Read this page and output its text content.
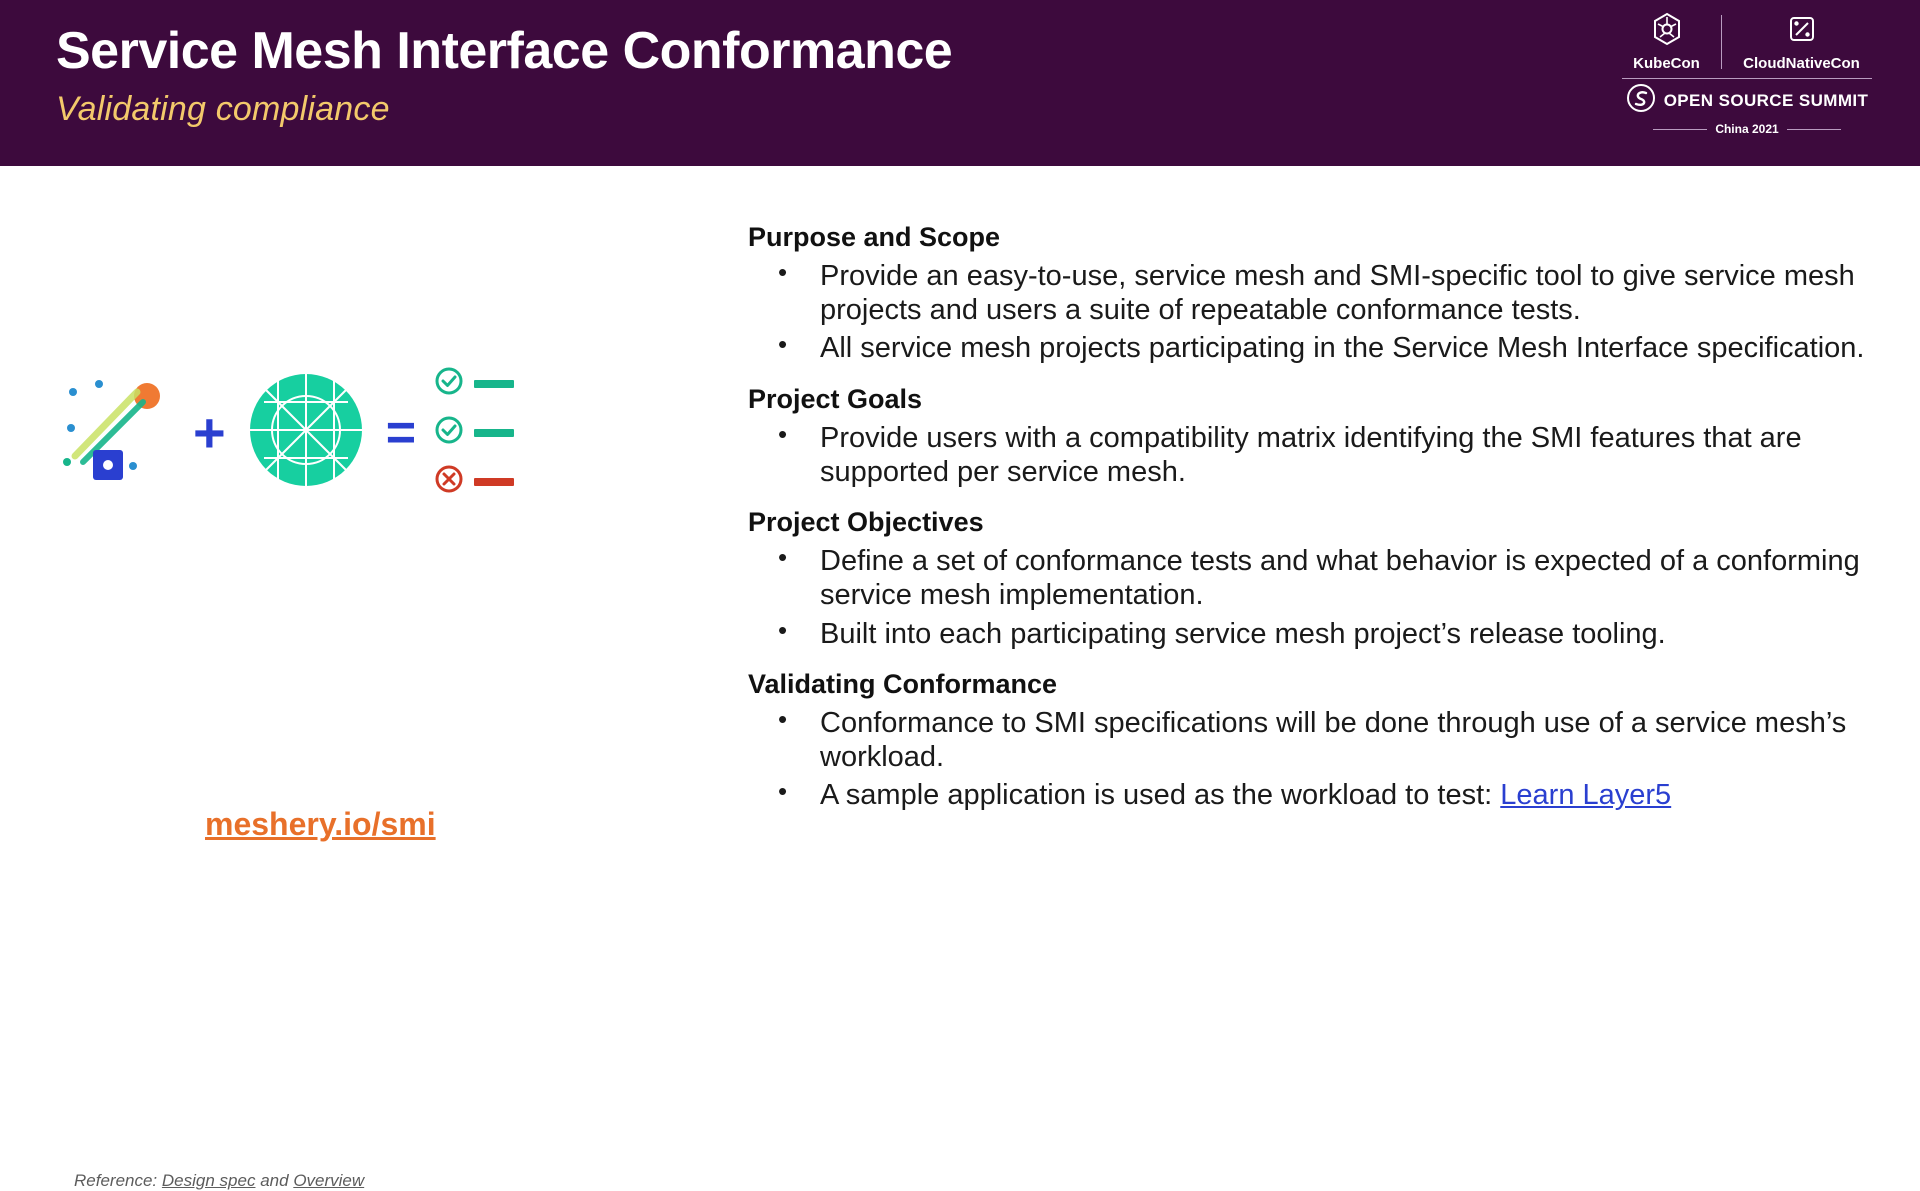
Service Mesh Interface Conformance
Validating compliance
KubeCon	CloudNativeCon
OPEN SOURCE SUMMIT
China 2021
+	=
meshery.io/smi
Reference: Design spec and Overview
Purpose and Scope
• Provide an easy-to-use, service mesh and SMI-specific tool to give service mesh projects and users a suite of repeatable conformance tests.
• All service mesh projects participating in the Service Mesh Interface specification.
Project Goals
• Provide users with a compatibility matrix identifying the SMI features that are supported per service mesh.
Project Objectives
• Define a set of conformance tests and what behavior is expected of a conforming service mesh implementation.
• Built into each participating service mesh project’s release tooling.
Validating Conformance
• Conformance to SMI specifications will be done through use of a service mesh’s workload.
• A sample application is used as the workload to test: Learn Layer5
